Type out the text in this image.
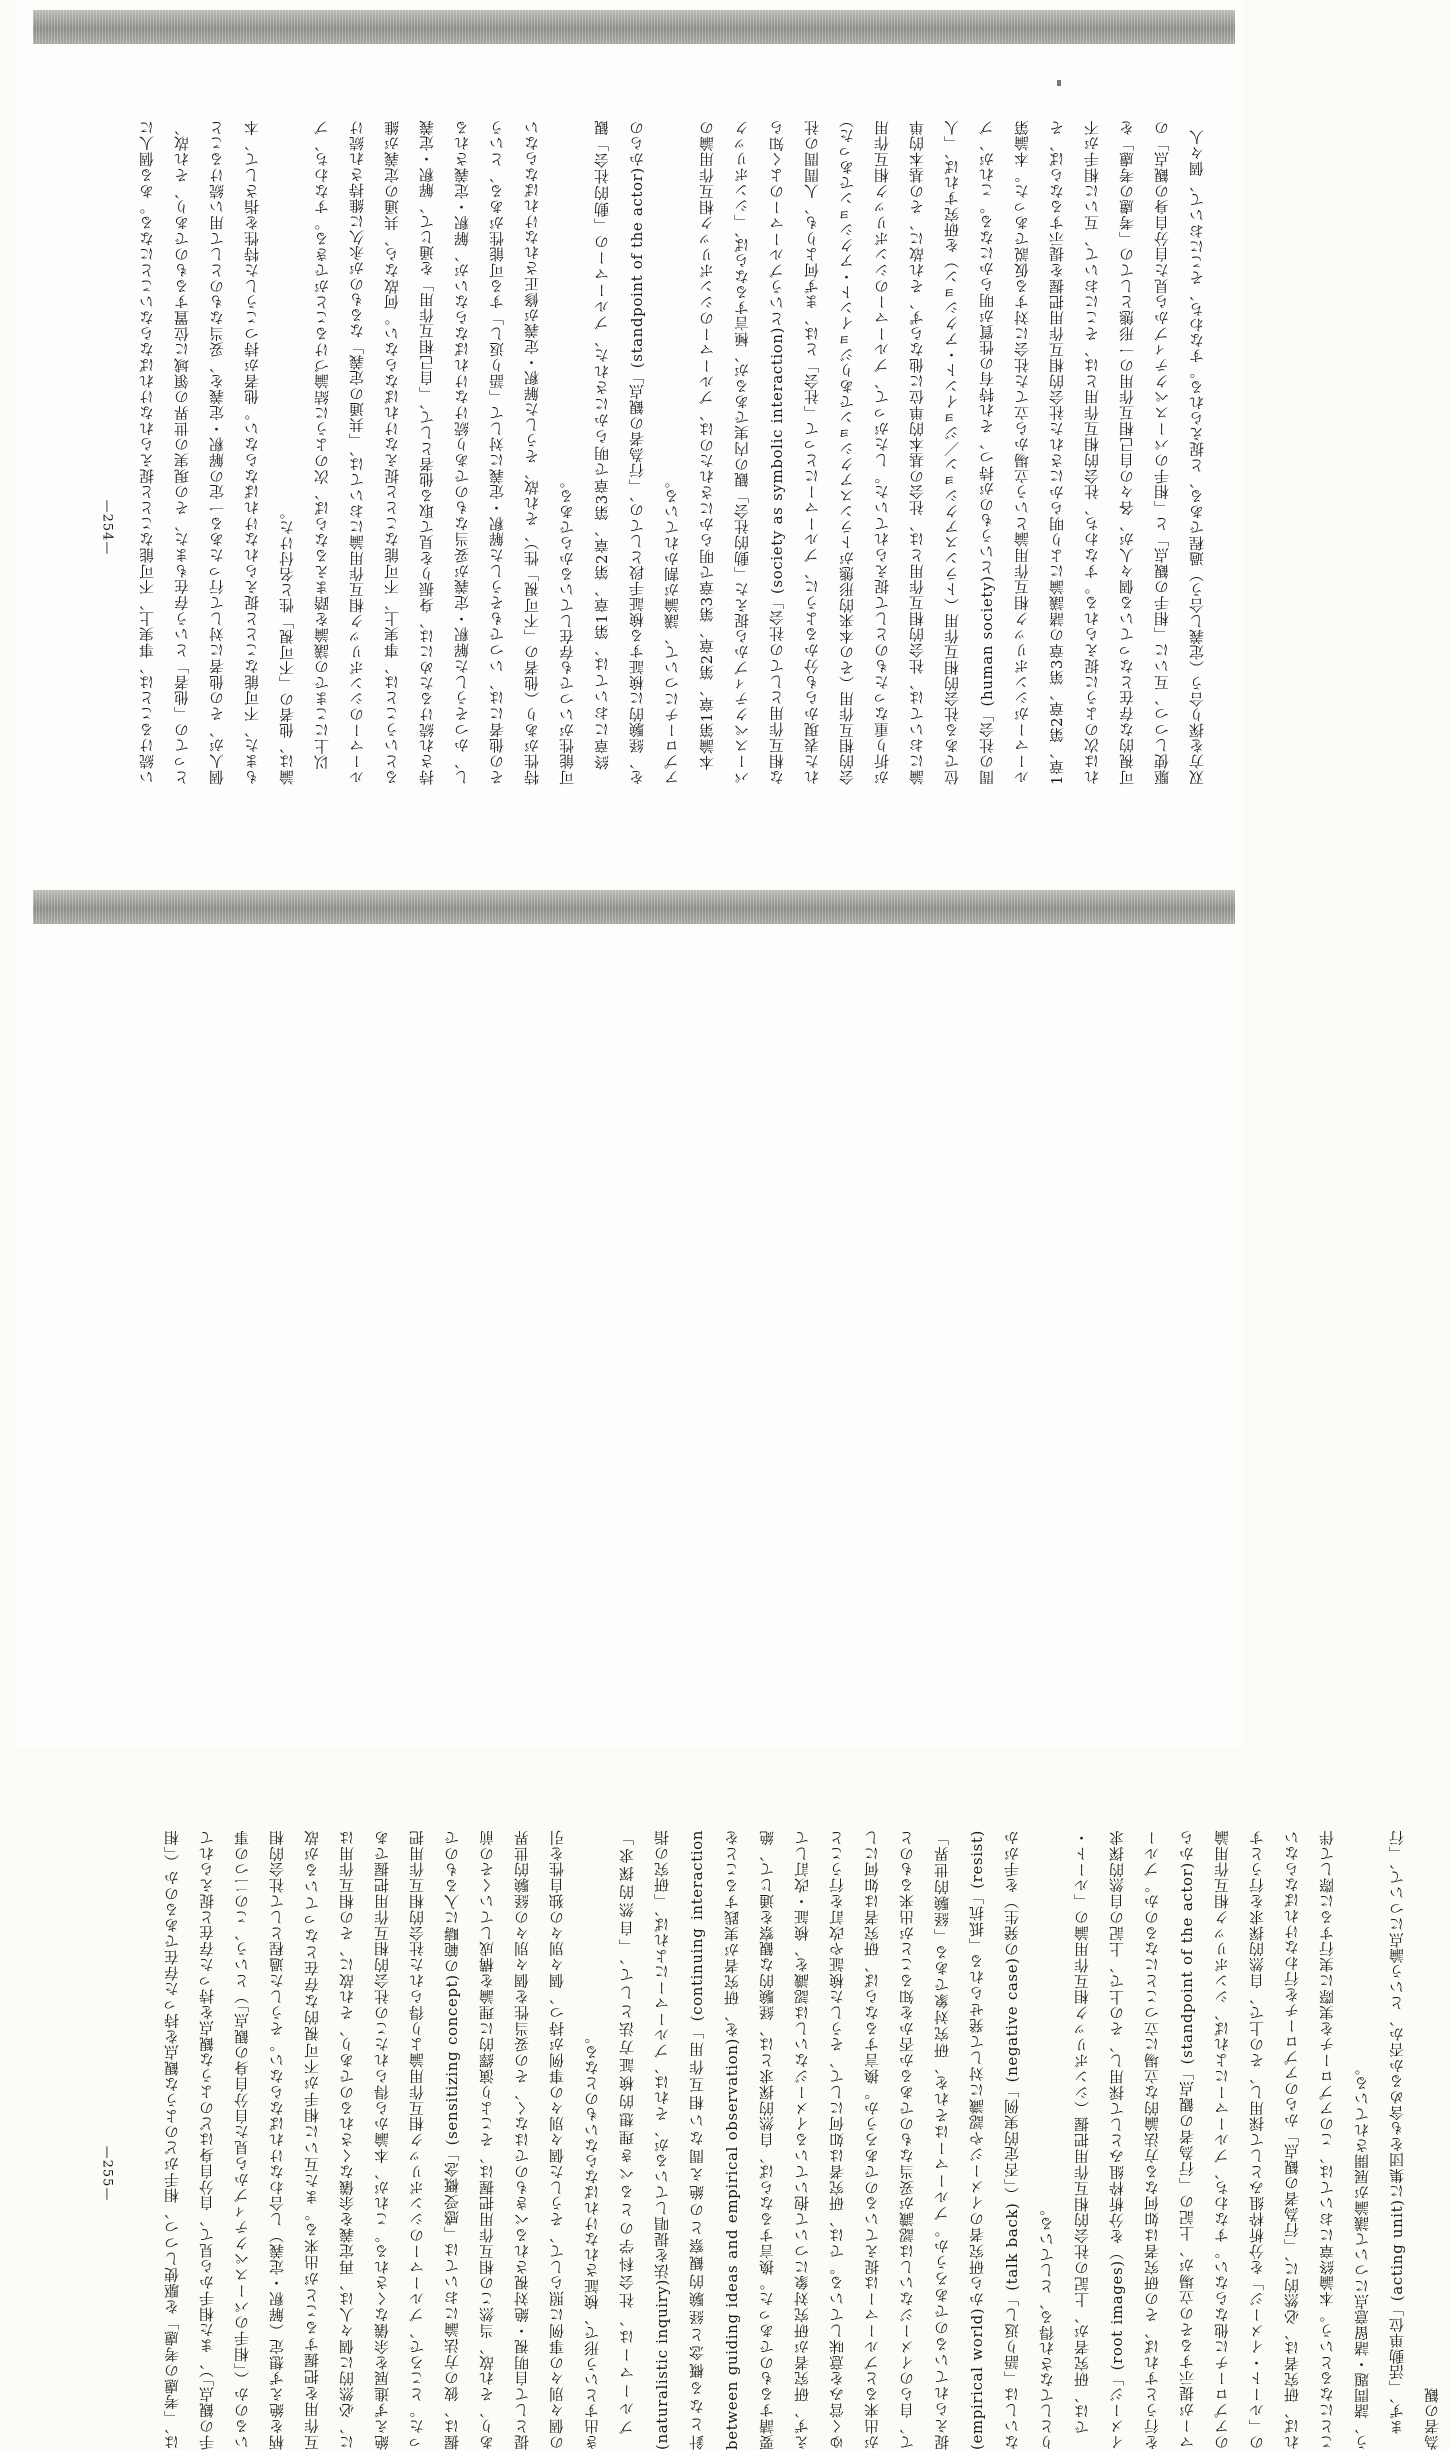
い続けることは、事実上、不可能なことと捉えられなければならないことになる。ある個人にとっての「他者」という存在もまた、その現実の世界の領域に位置するものであり、それ故、個人が、その他者に対して行ったある一定の解釈・定義を、妥当なものとして用い続けることもまた、不可能なことと捉えられなければならない。他者が持つこうした特性を指さして、本論は、他者の「不可視」性と名付けた。	以上にこまでの議論を踏まえるならば、次のように結論づけることができる。すなわち、ブルーマーのシンボリック相互作用論においては、「共通の定義」なるものが永久に維持され続けるということは、事実上、不可能なことと捉えなければならない。何故なら、共通の定義が維持され続けるためには、身振りを見て取る他者として、「自己相互作用」を通じて、解釈・定義し、かつそうした解釈・定義が妥当なものであり続けなければならないが、解釈・定義されるその他者には、いつでもそうした解釈・定義に対して「語り返し」する可能性がある、という特性があり（他者の「不可視」性）、それ故、そうした解釈・定義が修正されなければならない可能性がいつでも存在しているからである。	終章においては、第1章、第2章、第3章で明らかにされた、ブルーマーの「動的社会」観を、経験的に検証する検証手段としての、「行為者の観点」(standpoint of the actor)からのアプローチについて、議論が割かれている。	本論第1章、第2章、第3章で明らかにされたのは、ブルーマーのシンボリック相互作用論のパースペクティブから捉えた「動的社会」観の内実であるが、極言するならば、「シンボリックな相互作用としての社会」(society as symbolic interaction)というブルーマーのよく知られた表現からも分かるように、ブルーマーにとって「社会」とは、まず何よりも、人間間の社会的相互作用（その本来的形態がトランスアクションでありジョイント・アクションであった）が折り重なったものとして捉えられていた。したがって、ブルーマーのシンボリック相互作用論においては、社会的相互作用とは、社会の基本的単位に他ならず、それ故に、その基本的単位である社会的相互作用（トランスアクション／ジョイント・アクション）を研究すれば、「人間の社会」(human society)というものが持つ、それ特有の性質が明らかになる。これが、ブルーマーがシンボリック相互作用論という立場から立てた社会に対する仮説であった。本論第1章、第2章、第3章の諸議論により明らかにされた社会的相互作用把握を提示するならば、それは次のように捉えられる。すなわち、社会的相互作用とは、そこにおいて、互いに相手が不可視的な存在となっている個々人が、各々の自己相互作用の一形態としての「考慮の考慮」を駆使しつつ、互いに「相手の観点」と「相手のパースペクティブから見た自分自身の観点」の双方を探り合う（定義し合う）過程である、と捉えられる。すなわち、そこにおいて、個々人

—254—

は、「考慮の考慮」を駆使しつつ、相手がどのような観点を持った存在であるのか（「相手の観点」）、また相手から見て、自分自身はどのような観点を持った存在と捉えられているのか（「相手のパースペクティブから見た自分自身の観点」）という、この二つの事柄を絶えず想定（解釈・定義）し合わなければならない。そうした過程として社会的相互作用を把握することが出来る。また互いに相手が不可視的な存在となっているが故に、必然的に個々人は、再定義を余儀なくされるのであり、それ故に、その相互作用は絶えず進展を余儀なくされる。これが、本論から得られたこの社会的相互作用把握であった。ところで、ブルーマーのシンボリック相互作用論より得られた社会的相互作用把握は、彼の方法論においては「感受概念」(sensitizing concept)の範疇に入るものであり、それ故、当然この相互作用把握は、そこより演繹的に理論を構成していくその前提として自明視・絶対視されるべきものではなく、その妥当性を個々別々の経験的世界の個々別々の事例に照らして、そうした個々別々の事例が持つ、個々別々の独自性を引き出すという形で、検証されなければならないものとなる。	ブルーマーは、社会科学のとるべき理想的検証方法として、「自然的探求」(naturalistic inquiry)法を提唱しているが、それは、ブルーマーによれば、「研究の指針となる概念と経験的観察との絶え間ない相互作用」(continuing interaction between guiding ideas and empirical observation)を、研究者が実践することを要請するものであった。換言するならば、自然的探求とは、経験的な観察を通じて、絶えず、研究者が研究対象について抱いているイメージないしは認識を、検証・改訂してゆく営みを意味している。では、研究者は如何にして、そうした検証や改訂を行うことが出来るとブルーマーは捉えているのであろうか。換言するならば、研究者は如何にして、自らのイメージないしは認識が妥当なものであるか否かを知ることが出来るものと捉えられているのであろうか。ブルーマーはそれを、研究対象である「経験的世界」(empirical world)から研究者のイメージや認識に対して発せられる「抵抗」(resist)ないしは「語り返し」(talk back)（「否定的実例」(negative case)の発生）を手がかりとしてなされ得る、としている。	では、研究者が、上記の社会的相互作用把握（シンボリック相互作用論の「ルート・イメージ」(root images)）を分析枠組みとして採用し、その上で、上記の自然的探求を行うとすれば、その研究者は如何なる方法論的な立場に立つことになるのか。ブルーマーが提示するその立場が、上記の「行為者の観点」(standpoint of the actor)からのアプローチに他ならない。すなわち、ブルーマーによれば、シンボリック相互作用論の「ルート・イメージ」を分析枠組みとして採用し、その上で、自然的探求を行うとすれば、研究者は、必然的に、「行為者の観点」からのアプローチを行わなければならないことになるという。本論終章においては、このアプローチを実際に実行するに際して伴う、諸問題・諸留意点について議論が展開されている。	まず、「活動単位」(acting unit)に集団をも含めるか否か、という論点について、「行為者の観

—255—
